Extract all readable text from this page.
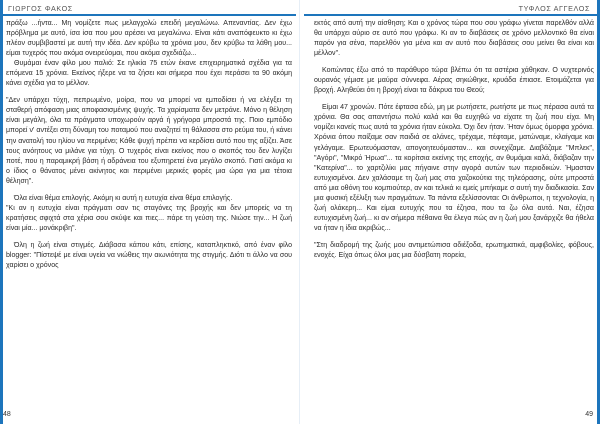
ΓΙΩΡΓΟΣ ΦΑΚΟΣ

πράξω ...ήντα... Μη νομίζετε πως μελαγχολώ επειδή μεγαλώνω. Απεναντίας. Δεν έχω πρόβλημα με αυτό, ίσα ίσα που μου αρέσει να μεγαλώνω. Είναι κάτι αναπόφευκτο κι έχω πλέον συμβιβαστεί με αυτή την ιδέα. Δεν κρύβω τα χρόνια μου, δεν κρύβω τα λάθη μου... είμαι τυχερός που ακόμα ονειρεύομαι, που ακόμα σχεδιάζω...

Θυμάμαι έναν φίλο μου παλιό: Σε ηλικία 75 ετών έκανε επιχειρηματικά σχέδια για τα επόμενα 15 χρόνια. Εκείνος ήξερε να τα ζήσει και σήμερα που έχει περάσει τα 90 ακόμη κάνει σχέδια για το μέλλον.

"Δεν υπάρχει τύχη, πεπρωμένο, μοίρα, που να μπορεί να εμποδίσει ή να ελέγξει τη σταθερή απόφαση μιας αποφασισμένης ψυχής. Τα χαρίσματα δεν μετράνε. Μόνο η θέληση είναι μεγάλη, όλα τα πράγματα υποχωρούν αργά ή γρήγορα μπροστά της. Ποιο εμπόδιο μπορεί ν' αντέξει στη δύναμη του ποταμού που αναζητεί τη θάλασσα στο ρεύμα του, ή κάνει την ανατολή του ηλίου να περιμένει; Κάθε ψυχή πρέπει να κερδίσει αυτό που της αξίζει. Άσε τους ανόητους να μιλάνε για τύχη. Ο τυχερός είναι εκείνος που ο σκοπός του δεν λυγίζει ποτέ, που η παραμικρή βάση ή αδράνεια του εξυπηρετεί ένα μεγάλο σκοπό. Γιατί ακόμα κι ο ίδιος ο θάνατος μένει ακίνητος και περιμένει μερικές φορές μια ώρα για μια τέτοια θέληση".

Όλα είναι θέμα επιλογής. Ακόμη κι αυτή η ευτυχία είναι θέμα επιλογής.

"Κι αν η ευτυχία είναι πράγματι σαν τις σταγόνες της βροχής και δεν μπορείς να τη κρατήσεις σφιχτά στα χέρια σου σκύψε και πιες... πάρε τη γεύση της. Νιώσε την... Η ζωή είναι μία... μονάκριβη".

Όλη η ζωή είναι στιγμές. Διάβασα κάπου κάτι, επίσης, καταπληκτικό, από έναν φίλο blogger: "Πίστεψέ με είναι υγεία να νιώθεις την αιωνιότητα της στιγμής. Διότι τι άλλο να σου χαρίσει ο χρόνος

48
ΤΥΦΛΟΣ ΑΓΓΕΛΟΣ

εκτός από αυτή την αίσθηση; Και ο χρόνος τώρα που σου γράφω γίνεται παρελθόν αλλά θα υπάρχει αύριο σε αυτό που γράφω. Κι αν το διαβάσεις σε χρόνο μελλοντικό θα είναι παρόν για σένα, παρελθόν για μένα και αν αυτό που διαβάσεις σου μείνει θα είναι και μέλλον".

Κοιτώντας έξω από το παράθυρο τώρα βλέπω ότι τα αστέρια χάθηκαν. Ο νυχτερινός ουρανός γέμισε με μαύρα σύννεφα. Αέρας σηκώθηκε, κρυάδα έπιασε. Ετοιμάζεται για βροχή. Αληθεύει ότι η βροχή είναι τα δάκρυα του Θεού;

Είμαι 47 χρονών. Πότε έφτασα εδώ, μη με ρωτήσετε, ρωτήστε με πως πέρασα αυτά τα χρόνια. Θα σας απαντήσω πολύ καλά και θα ευχηθώ να είχατε τη ζωή που είχα. Μη νομίζει κανείς πως αυτά τα χρόνια ήταν εύκολα. Όχι δεν ήταν. Ήταν όμως όμορφα χρόνια. Χρόνια όπου παίξαμε σαν παιδιά σε αλάνες, τρέχαμε, πέφταμε, ματώναμε, κλαίγαμε και γελάγαμε. Ερωτευόμασταν, απογοητευόμασταν... και συνεχίζαμε. Διαβάζαμε "Μπλεκ", "Αγόρι", "Μικρό Ήρωα"... τα κορίτσια εκείνης της εποχής, αν θυμάμαι καλά, διάβαζαν την "Κατερίνα"... το χαρτζιλίκι μας πήγαινε στην αγορά αυτών των περιοδικών. Ήμασταν ευτυχισμένοι. Δεν χαλάσαμε τη ζωή μας στα χαζοκούτια της τηλεόρασης, ούτε μπροστά από μια οθόνη του κομπιούτερ, αν και τελικά κι εμείς μπήκαμε σ αυτή την διαδικασία. Σαν μια φυσική εξέλιξη των πραγμάτων. Τα πάντα εξελίσσονται: Οι άνθρωποι, η τεχνολογία, η ζωή ολάκερη... Και είμαι ευτυχής που τα έζησα, που τα ζω όλα αυτά. Ναι, έζησα ευτυχισμένη ζωή... κι αν σήμερα πέθαινα θα έλεγα πώς αν η ζωή μου ξανάρχιζε θα ήθελα να ήταν η ίδια ακριβώς...

"Στη διαδρομή της ζωής μου αντιμετώπισα αδιέξοδα, ερωτηματικά, αμφιβολίες, φόβους, ενοχές. Είχα όπως όλοι μας μια δύσβατη πορεία,

49
